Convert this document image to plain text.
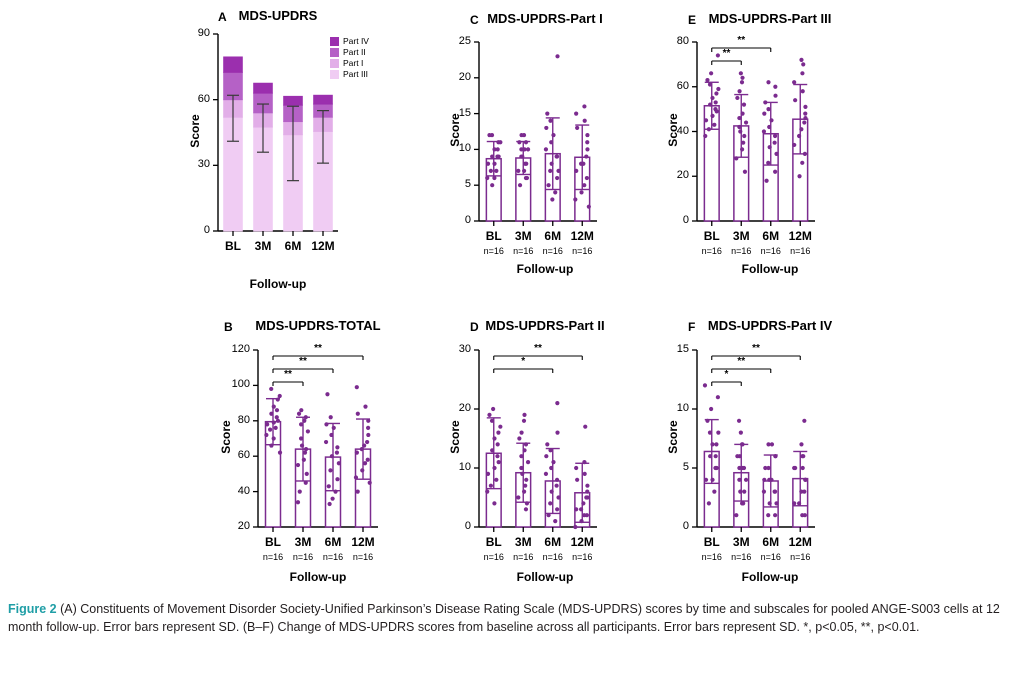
0
30
60
90
A MDS-UPDRS
Score
Follow-up
BL	3M	6M 12M
Part IV
Part II
Part I
Part III
20
40
60
80
100
120
B	MDS-UPDRS-TOTAL
Score
Follow-up
BL
n=16
3M
n=16
6M
n=16
12M
n=16
**
**
**
0
5
10
15
20
25
C MDS-UPDRS-Part I
Score
Follow-up
BL
n=16
3M
n=16
6M
n=16
12M
n=16
0
10
20
30
D MDS-UPDRS-Part II
Score
Follow-up
BL
n=16
3M
n=16
6M
n=16
12M
n=16
*
**
0
20
40
60
80
E MDS-UPDRS-Part III
Score
Follow-up
BL
n=16
3M
n=16
6M
n=16
12M
n=16
**
**
0
5
10
15
F MDS-UPDRS-Part IV
Score
Follow-up
BL
n=16
3M
n=16
6M
n=16
12M
n=16
*
**
**
Figure 2 (A) Constituents of Movement Disorder Society-Unified Parkinson’s Disease Rating Scale (MDS-UPDRS) scores by time and subscales for pooled ANGE-S003 cells at 12 month follow-up. Error bars represent SD. (B–F) Change of MDS-UPDRS scores from baseline across all participants. Error bars represent SD. *, p<0.05, **, p<0.01.
